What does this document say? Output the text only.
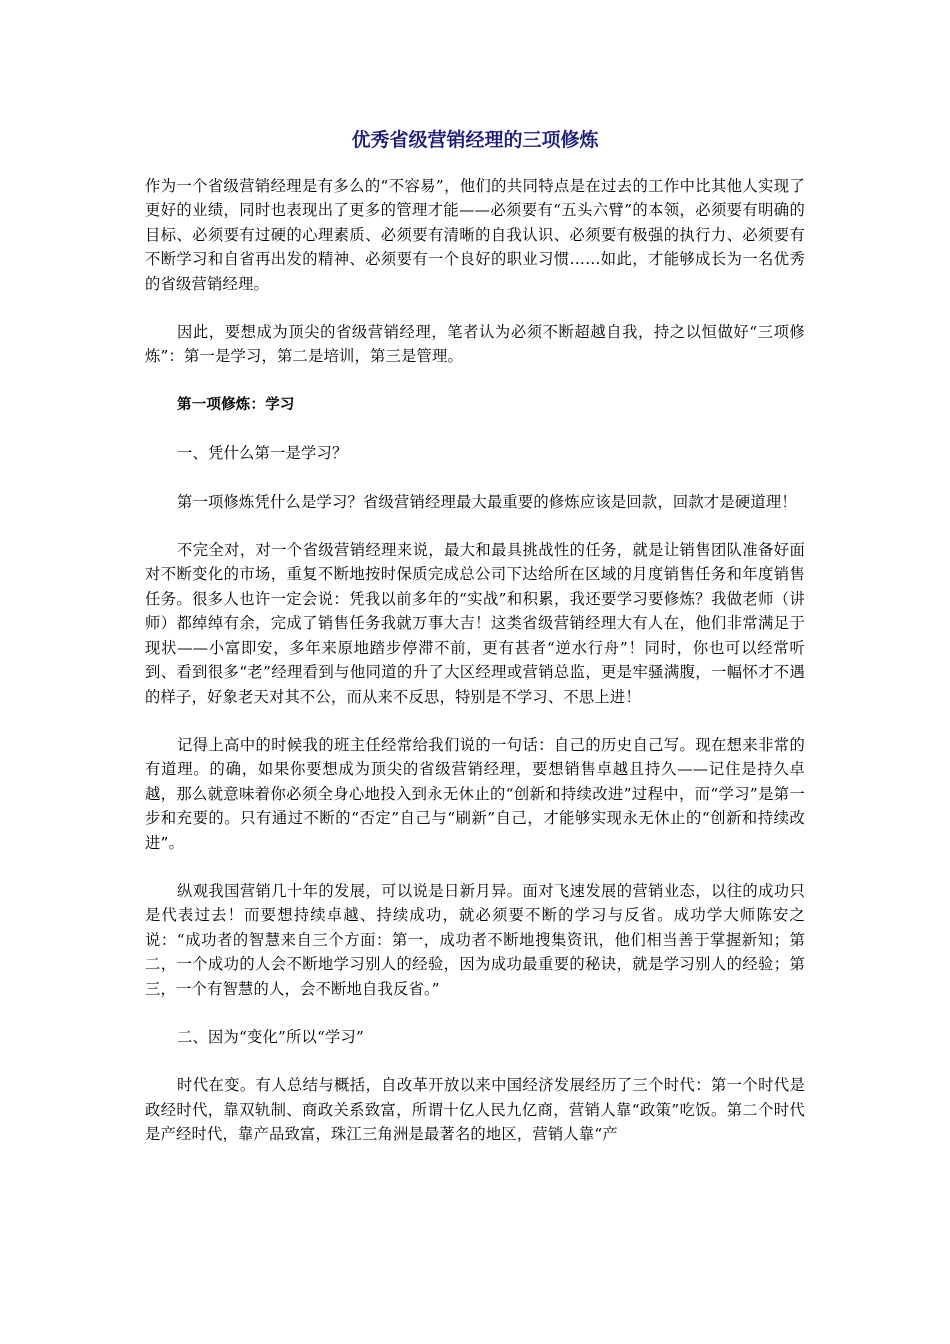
优秀省级营销经理的三项修炼

作为一个省级营销经理是有多么的“不容易”，他们的共同特点是在过去的工作中比其他人实现了更好的业绩，同时也表现出了更多的管理才能——必须要有“五头六臂”的本领，必须要有明确的目标、必须要有过硬的心理素质、必须要有清晰的自我认识、必须要有极强的执行力、必须要有不断学习和自省再出发的精神、必须要有一个良好的职业习惯……如此，才能够成长为一名优秀的省级营销经理。

因此，要想成为顶尖的省级营销经理，笔者认为必须不断超越自我，持之以恒做好“三项修炼”：第一是学习，第二是培训，第三是管理。

第一项修炼：学习

一、凭什么第一是学习？

第一项修炼凭什么是学习？省级营销经理最大最重要的修炼应该是回款，回款才是硬道理！

不完全对，对一个省级营销经理来说，最大和最具挑战性的任务，就是让销售团队准备好面对不断变化的市场，重复不断地按时保质完成总公司下达给所在区域的月度销售任务和年度销售任务。很多人也许一定会说：凭我以前多年的“实战”和积累，我还要学习要修炼？我做老师（讲师）都绰绰有余，完成了销售任务我就万事大吉！这类省级营销经理大有人在，他们非常满足于现状——小富即安，多年来原地踏步停滞不前，更有甚者“逆水行舟”！同时，你也可以经常听到、看到很多“老”经理看到与他同道的升了大区经理或营销总监，更是牢骚满腹，一幅怀才不遇的样子，好象老天对其不公，而从来不反思，特别是不学习、不思上进！

记得上高中的时候我的班主任经常给我们说的一句话：自己的历史自己写。现在想来非常的有道理。的确，如果你要想成为顶尖的省级营销经理，要想销售卓越且持久——记住是持久卓越，那么就意味着你必须全身心地投入到永无休止的“创新和持续改进”过程中，而“学习”是第一步和充要的。只有通过不断的“否定”自己与“刷新”自己，才能够实现永无休止的“创新和持续改进”。

纵观我国营销几十年的发展，可以说是日新月异。面对飞速发展的营销业态，以往的成功只是代表过去！而要想持续卓越、持续成功，就必须要不断的学习与反省。成功学大师陈安之说：“成功者的智慧来自三个方面：第一，成功者不断地搜集资讯，他们相当善于掌握新知；第二，一个成功的人会不断地学习别人的经验，因为成功最重要的秘诀，就是学习别人的经验；第三，一个有智慧的人，会不断地自我反省。”

二、因为“变化”所以“学习”

时代在变。有人总结与概括，自改革开放以来中国经济发展经历了三个时代：第一个时代是政经时代，靠双轨制、商政关系致富，所谓十亿人民九亿商，营销人靠“政策”吃饭。第二个时代是产经时代，靠产品致富，珠江三角洲是最著名的地区，营销人靠“产
